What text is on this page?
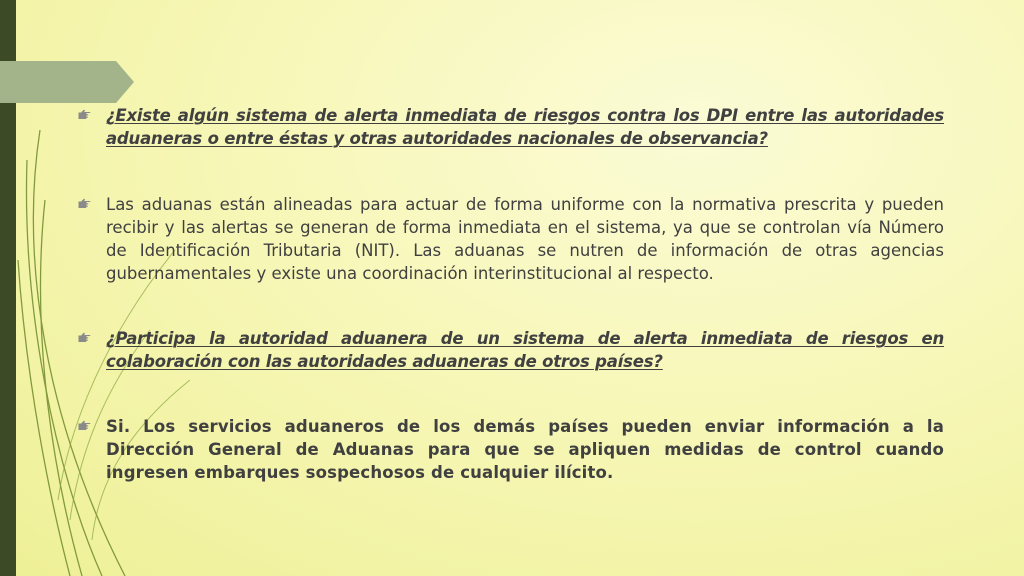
¿Existe algún sistema de alerta inmediata de riesgos contra los DPI entre las autoridades aduaneras o entre éstas y otras autoridades nacionales de observancia?

Las aduanas están alineadas para actuar de forma uniforme con la normativa prescrita y pueden recibir y las alertas se generan de forma inmediata en el sistema, ya que se controlan vía Número de Identificación Tributaria (NIT). Las aduanas se nutren de información de otras agencias gubernamentales y existe una coordinación interinstitucional al respecto.

¿Participa la autoridad aduanera de un sistema de alerta inmediata de riesgos en colaboración con las autoridades aduaneras de otros países?

Si. Los servicios aduaneros de los demás países pueden enviar información a la Dirección General de Aduanas para que se apliquen medidas de control cuando ingresen embarques sospechosos de cualquier ilícito.
